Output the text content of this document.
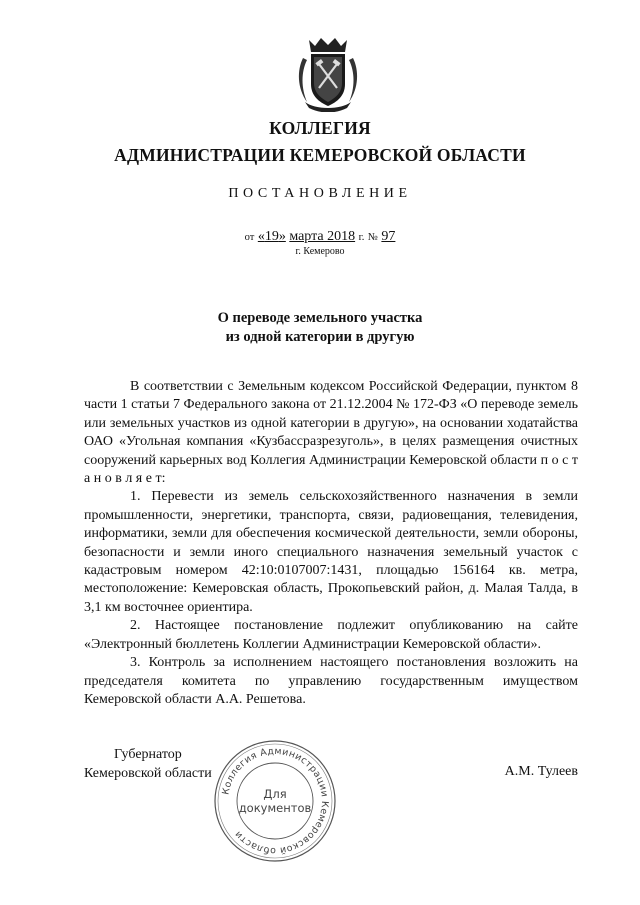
КОЛЛЕГИЯ
АДМИНИСТРАЦИИ КЕМЕРОВСКОЙ ОБЛАСТИ
ПОСТАНОВЛЕНИЕ
от «19» марта 2018 г. № 97
г. Кемерово
О переводе земельного участка
из одной категории в другую

В соответствии с Земельным кодексом Российской Федерации, пунктом 8 части 1 статьи 7 Федерального закона от 21.12.2004 № 172-ФЗ «О переводе земель или земельных участков из одной категории в другую», на основании ходатайства ОАО «Угольная компания «Кузбассразрезуголь», в целях размещения очистных сооружений карьерных вод Коллегия Администрации Кемеровской области п о с т а н о в л я е т:

1. Перевести из земель сельскохозяйственного назначения в земли промышленности, энергетики, транспорта, связи, радиовещания, телевидения, информатики, земли для обеспечения космической деятельности, земли обороны, безопасности и земли иного специального назначения земельный участок с кадастровым номером 42:10:0107007:1431, площадью 156164 кв. метра, местоположение: Кемеровская область, Прокопьевский район, д. Малая Талда, в 3,1 км восточнее ориентира.

2. Настоящее постановление подлежит опубликованию на сайте «Электронный бюллетень Коллегии Администрации Кемеровской области».

3. Контроль за исполнением настоящего постановления возложить на председателя комитета по управлению государственным имуществом Кемеровской области А.А. Решетова.

Губернатор
Кемеровской области	А.М. Тулеев
Коллегия Администрации Кемеровской области
Для
документов
